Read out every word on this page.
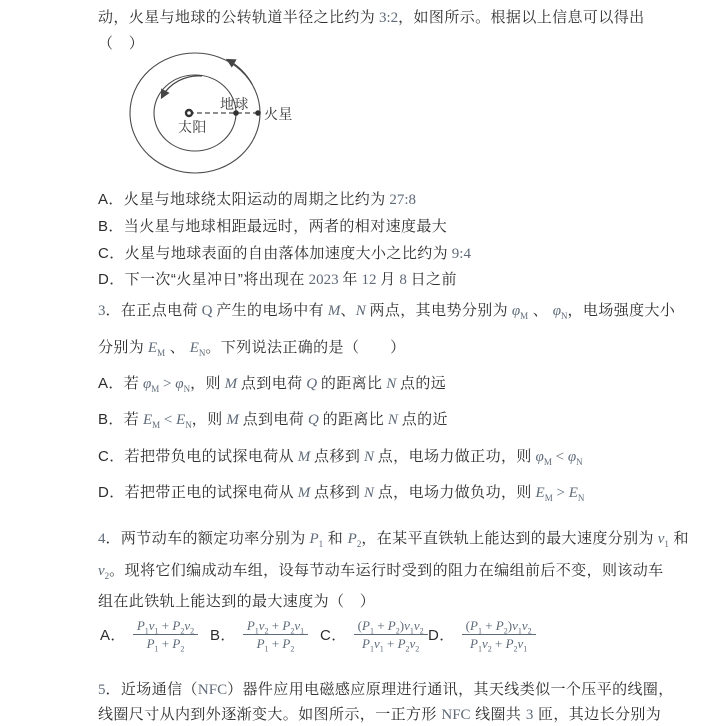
动，火星与地球的公转轨道半径之比约为 3:2，如图所示。根据以上信息可以得出
（　）
地球
火星
太阳
A．火星与地球绕太阳运动的周期之比约为 27:8
B．当火星与地球相距最远时，两者的相对速度最大
C．火星与地球表面的自由落体加速度大小之比约为 9:4
D．下一次“火星冲日”将出现在 2023 年 12 月 8 日之前
3．在正点电荷 Q 产生的电场中有 M、N 两点，其电势分别为 $\varphi_M$ 、 $\varphi_N$，电场强度大小
分别为 $E_M$ 、 $E_N$。下列说法正确的是（　　）
A．若 $\varphi_M > \varphi_N$，则 M 点到电荷 Q 的距离比 N 点的远
B．若 $E_M < E_N$，则 M 点到电荷 Q 的距离比 N 点的近
C．若把带负电的试探电荷从 M 点移到 N 点，电场力做正功，则 $\varphi_M < \varphi_N$
D．若把带正电的试探电荷从 M 点移到 N 点，电场力做负功，则 $E_M > E_N$
4．两节动车的额定功率分别为 $P_1$ 和 $P_2$，在某平直铁轨上能达到的最大速度分别为 $v_1$ 和
$v_2$。现将它们编成动车组，设每节动车运行时受到的阻力在编组前后不变，则该动车
组在此铁轨上能达到的最大速度为（　）
A． $\frac{P_1v_1 + P_2v_2}{P_1 + P_2}$ B． $\frac{P_1v_2 + P_2v_1}{P_1 + P_2}$ C． $\frac{(P_1 + P_2)v_1v_2}{P_1v_1 + P_2v_2}$ D． $\frac{(P_1 + P_2)v_1v_2}{P_1v_2 + P_2v_1}$
5．近场通信（NFC）器件应用电磁感应原理进行通讯，其天线类似一个压平的线圈，
线圈尺寸从内到外逐渐变大。如图所示，一正方形 NFC 线圈共 3 匝，其边长分别为
